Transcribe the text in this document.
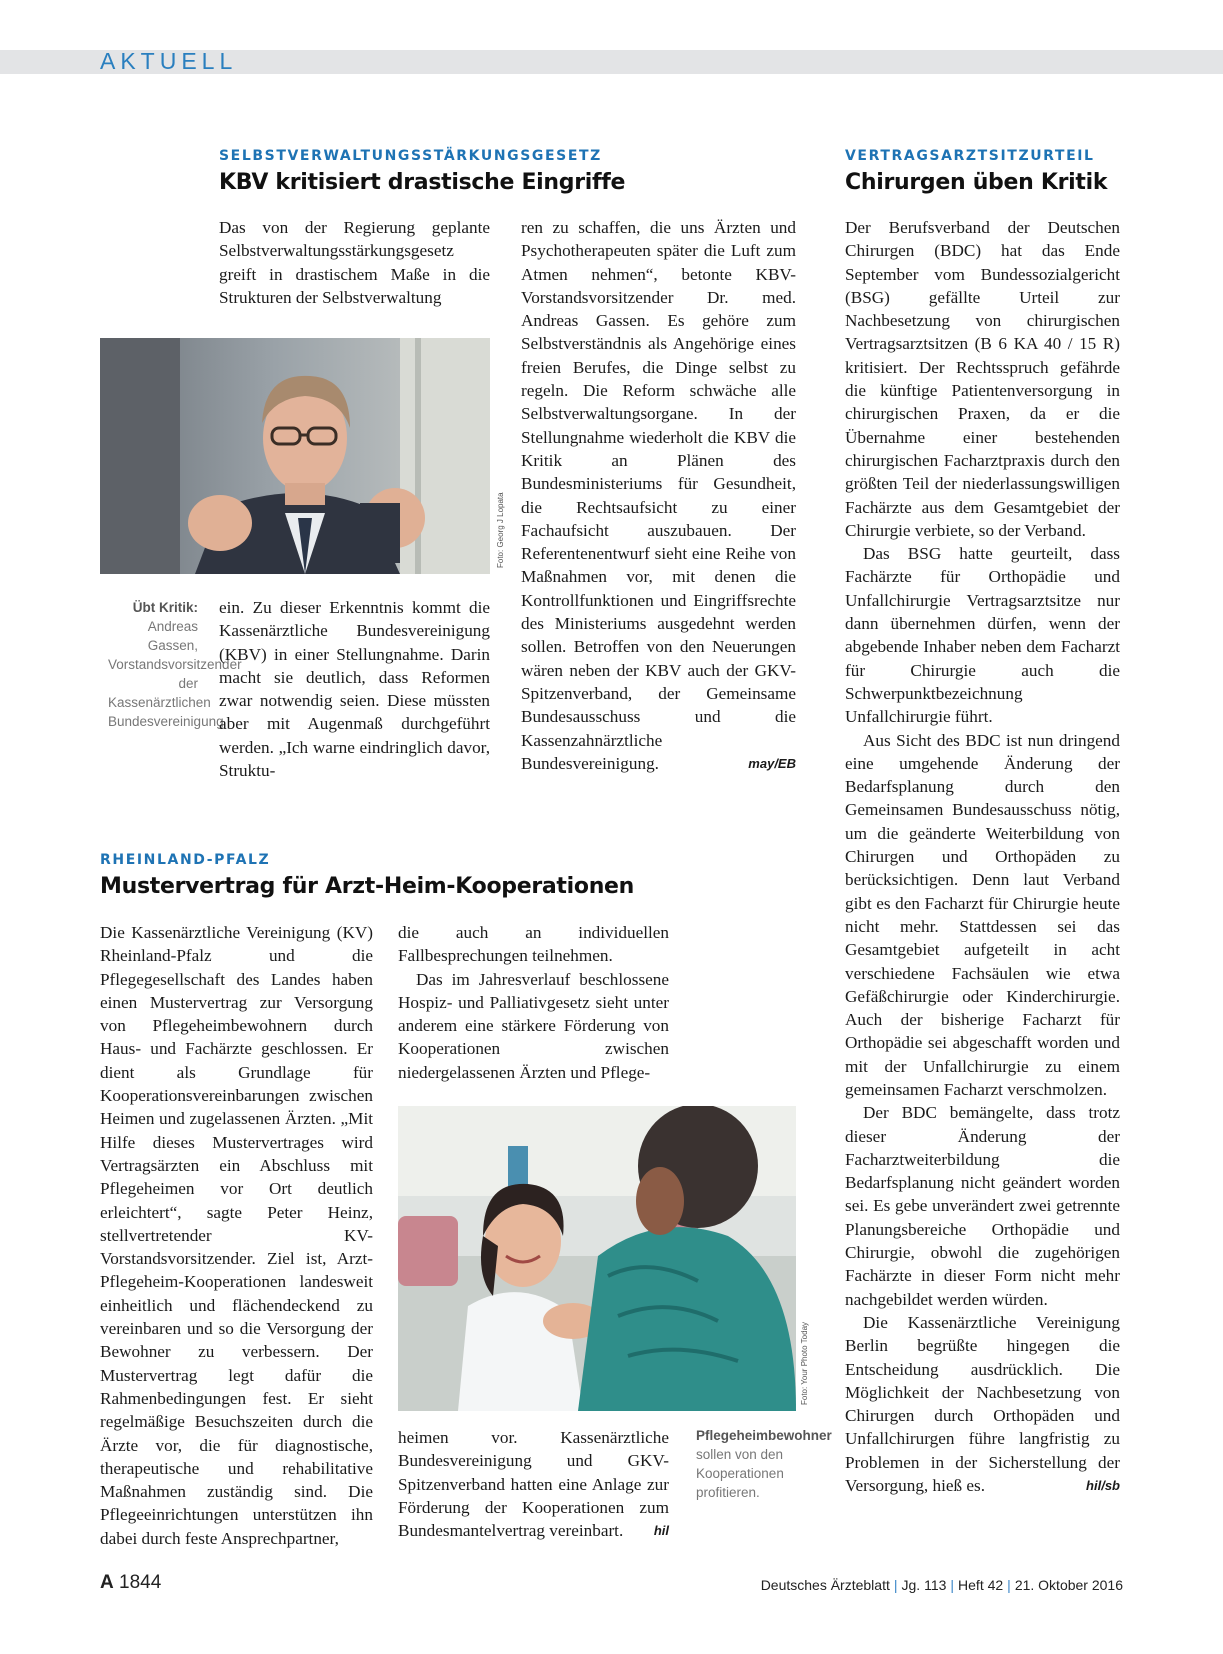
AKTUELL
SELBSTVERWALTUNGSSTÄRKUNGSGESETZ
KBV kritisiert drastische Eingriffe

Das von der Regierung geplante Selbstverwaltungsstärkungsgesetz greift in drastischem Maße in die Strukturen der Selbstverwaltung

Foto: Georg J Lopata
Übt Kritik: Andreas Gassen, Vorstandsvorsitzender der Kassenärztlichen Bundesvereinigung

ein. Zu dieser Erkenntnis kommt die Kassenärztliche Bundesvereinigung (KBV) in einer Stellungnahme. Darin macht sie deutlich, dass Reformen zwar notwendig seien. Diese müssten aber mit Augenmaß durchgeführt werden. „Ich warne eindringlich davor, Struktu-

ren zu schaffen, die uns Ärzten und Psychotherapeuten später die Luft zum Atmen nehmen“, betonte KBV-Vorstandsvorsitzender Dr. med. Andreas Gassen. Es gehöre zum Selbstverständnis als Angehörige eines freien Berufes, die Dinge selbst zu regeln. Die Reform schwäche alle Selbstverwaltungsorgane. In der Stellungnahme wiederholt die KBV die Kritik an Plänen des Bundesministeriums für Gesundheit, die Rechtsaufsicht zu einer Fachaufsicht auszubauen. Der Referentenentwurf sieht eine Reihe von Maßnahmen vor, mit denen die Kontrollfunktionen und Eingriffsrechte des Ministeriums ausgedehnt werden sollen. Betroffen von den Neuerungen wären neben der KBV auch der GKV-Spitzenverband, der Gemeinsame Bundesausschuss und die Kassenzahnärztliche Bundesvereinigung.	may/EB

RHEINLAND-PFALZ
Mustervertrag für Arzt-Heim-Kooperationen

Die Kassenärztliche Vereinigung (KV) Rheinland-Pfalz und die Pflegegesellschaft des Landes haben einen Mustervertrag zur Versorgung von Pflegeheimbewohnern durch Haus- und Fachärzte geschlossen. Er dient als Grundlage für Kooperationsvereinbarungen zwischen Heimen und zugelassenen Ärzten. „Mit Hilfe dieses Mustervertrages wird Vertragsärzten ein Abschluss mit Pflegeheimen vor Ort deutlich erleichtert“, sagte Peter Heinz, stellvertretender KV-Vorstandsvorsitzender. Ziel ist, Arzt-Pflegeheim-Kooperationen landesweit einheitlich und flächendeckend zu vereinbaren und so die Versorgung der Bewohner zu verbessern. Der Mustervertrag legt dafür die Rahmenbedingungen fest. Er sieht regelmäßige Besuchszeiten durch die Ärzte vor, die für diagnostische, therapeutische und rehabilitative Maßnahmen zuständig sind. Die Pflegeeinrichtungen unterstützen ihn dabei durch feste Ansprechpartner,

die auch an individuellen Fallbesprechungen teilnehmen.

Das im Jahresverlauf beschlossene Hospiz- und Palliativgesetz sieht unter anderem eine stärkere Förderung von Kooperationen zwischen niedergelassenen Ärzten und Pflege-

Foto: Your Photo Today

heimen vor. Kassenärztliche Bundesvereinigung und GKV-Spitzenverband hatten eine Anlage zur Förderung der Kooperationen zum Bundesmantelvertrag vereinbart. hil

Pflegeheimbewohner
sollen von den Kooperationen profitieren.
VERTRAGSARZTSITZURTEIL
Chirurgen üben Kritik

Der Berufsverband der Deutschen Chirurgen (BDC) hat das Ende September vom Bundessozialgericht (BSG) gefällte Urteil zur Nachbesetzung von chirurgischen Vertragsarztsitzen (B 6 KA 40 / 15 R) kritisiert. Der Rechtsspruch gefährde die künftige Patientenversorgung in chirurgischen Praxen, da er die Übernahme einer bestehenden chirurgischen Facharztpraxis durch den größten Teil der niederlassungswilligen Fachärzte aus dem Gesamtgebiet der Chirurgie verbiete, so der Verband.

Das BSG hatte geurteilt, dass Fachärzte für Orthopädie und Unfallchirurgie Vertragsarztsitze nur dann übernehmen dürfen, wenn der abgebende Inhaber neben dem Facharzt für Chirurgie auch die Schwerpunktbezeichnung Unfallchirurgie führt.

Aus Sicht des BDC ist nun dringend eine umgehende Änderung der Bedarfsplanung durch den Gemeinsamen Bundesausschuss nötig, um die geänderte Weiterbildung von Chirurgen und Orthopäden zu berücksichtigen. Denn laut Verband gibt es den Facharzt für Chirurgie heute nicht mehr. Stattdessen sei das Gesamtgebiet aufgeteilt in acht verschiedene Fachsäulen wie etwa Gefäßchirurgie oder Kinderchirurgie. Auch der bisherige Facharzt für Orthopädie sei abgeschafft worden und mit der Unfallchirurgie zu einem gemeinsamen Facharzt verschmolzen.

Der BDC bemängelte, dass trotz dieser Änderung der Facharztweiterbildung die Bedarfsplanung nicht geändert worden sei. Es gebe unverändert zwei getrennte Planungsbereiche Orthopädie und Chirurgie, obwohl die zugehörigen Fachärzte in dieser Form nicht mehr nachgebildet werden würden.

Die Kassenärztliche Vereinigung Berlin begrüßte hingegen die Entscheidung ausdrücklich. Die Möglichkeit der Nachbesetzung von Chirurgen durch Orthopäden und Unfallchirurgen führe langfristig zu Problemen in der Sicherstellung der Versorgung, hieß es.	hil/sb

A 1844	Deutsches Ärzteblatt | Jg. 113 | Heft 42 | 21. Oktober 2016
